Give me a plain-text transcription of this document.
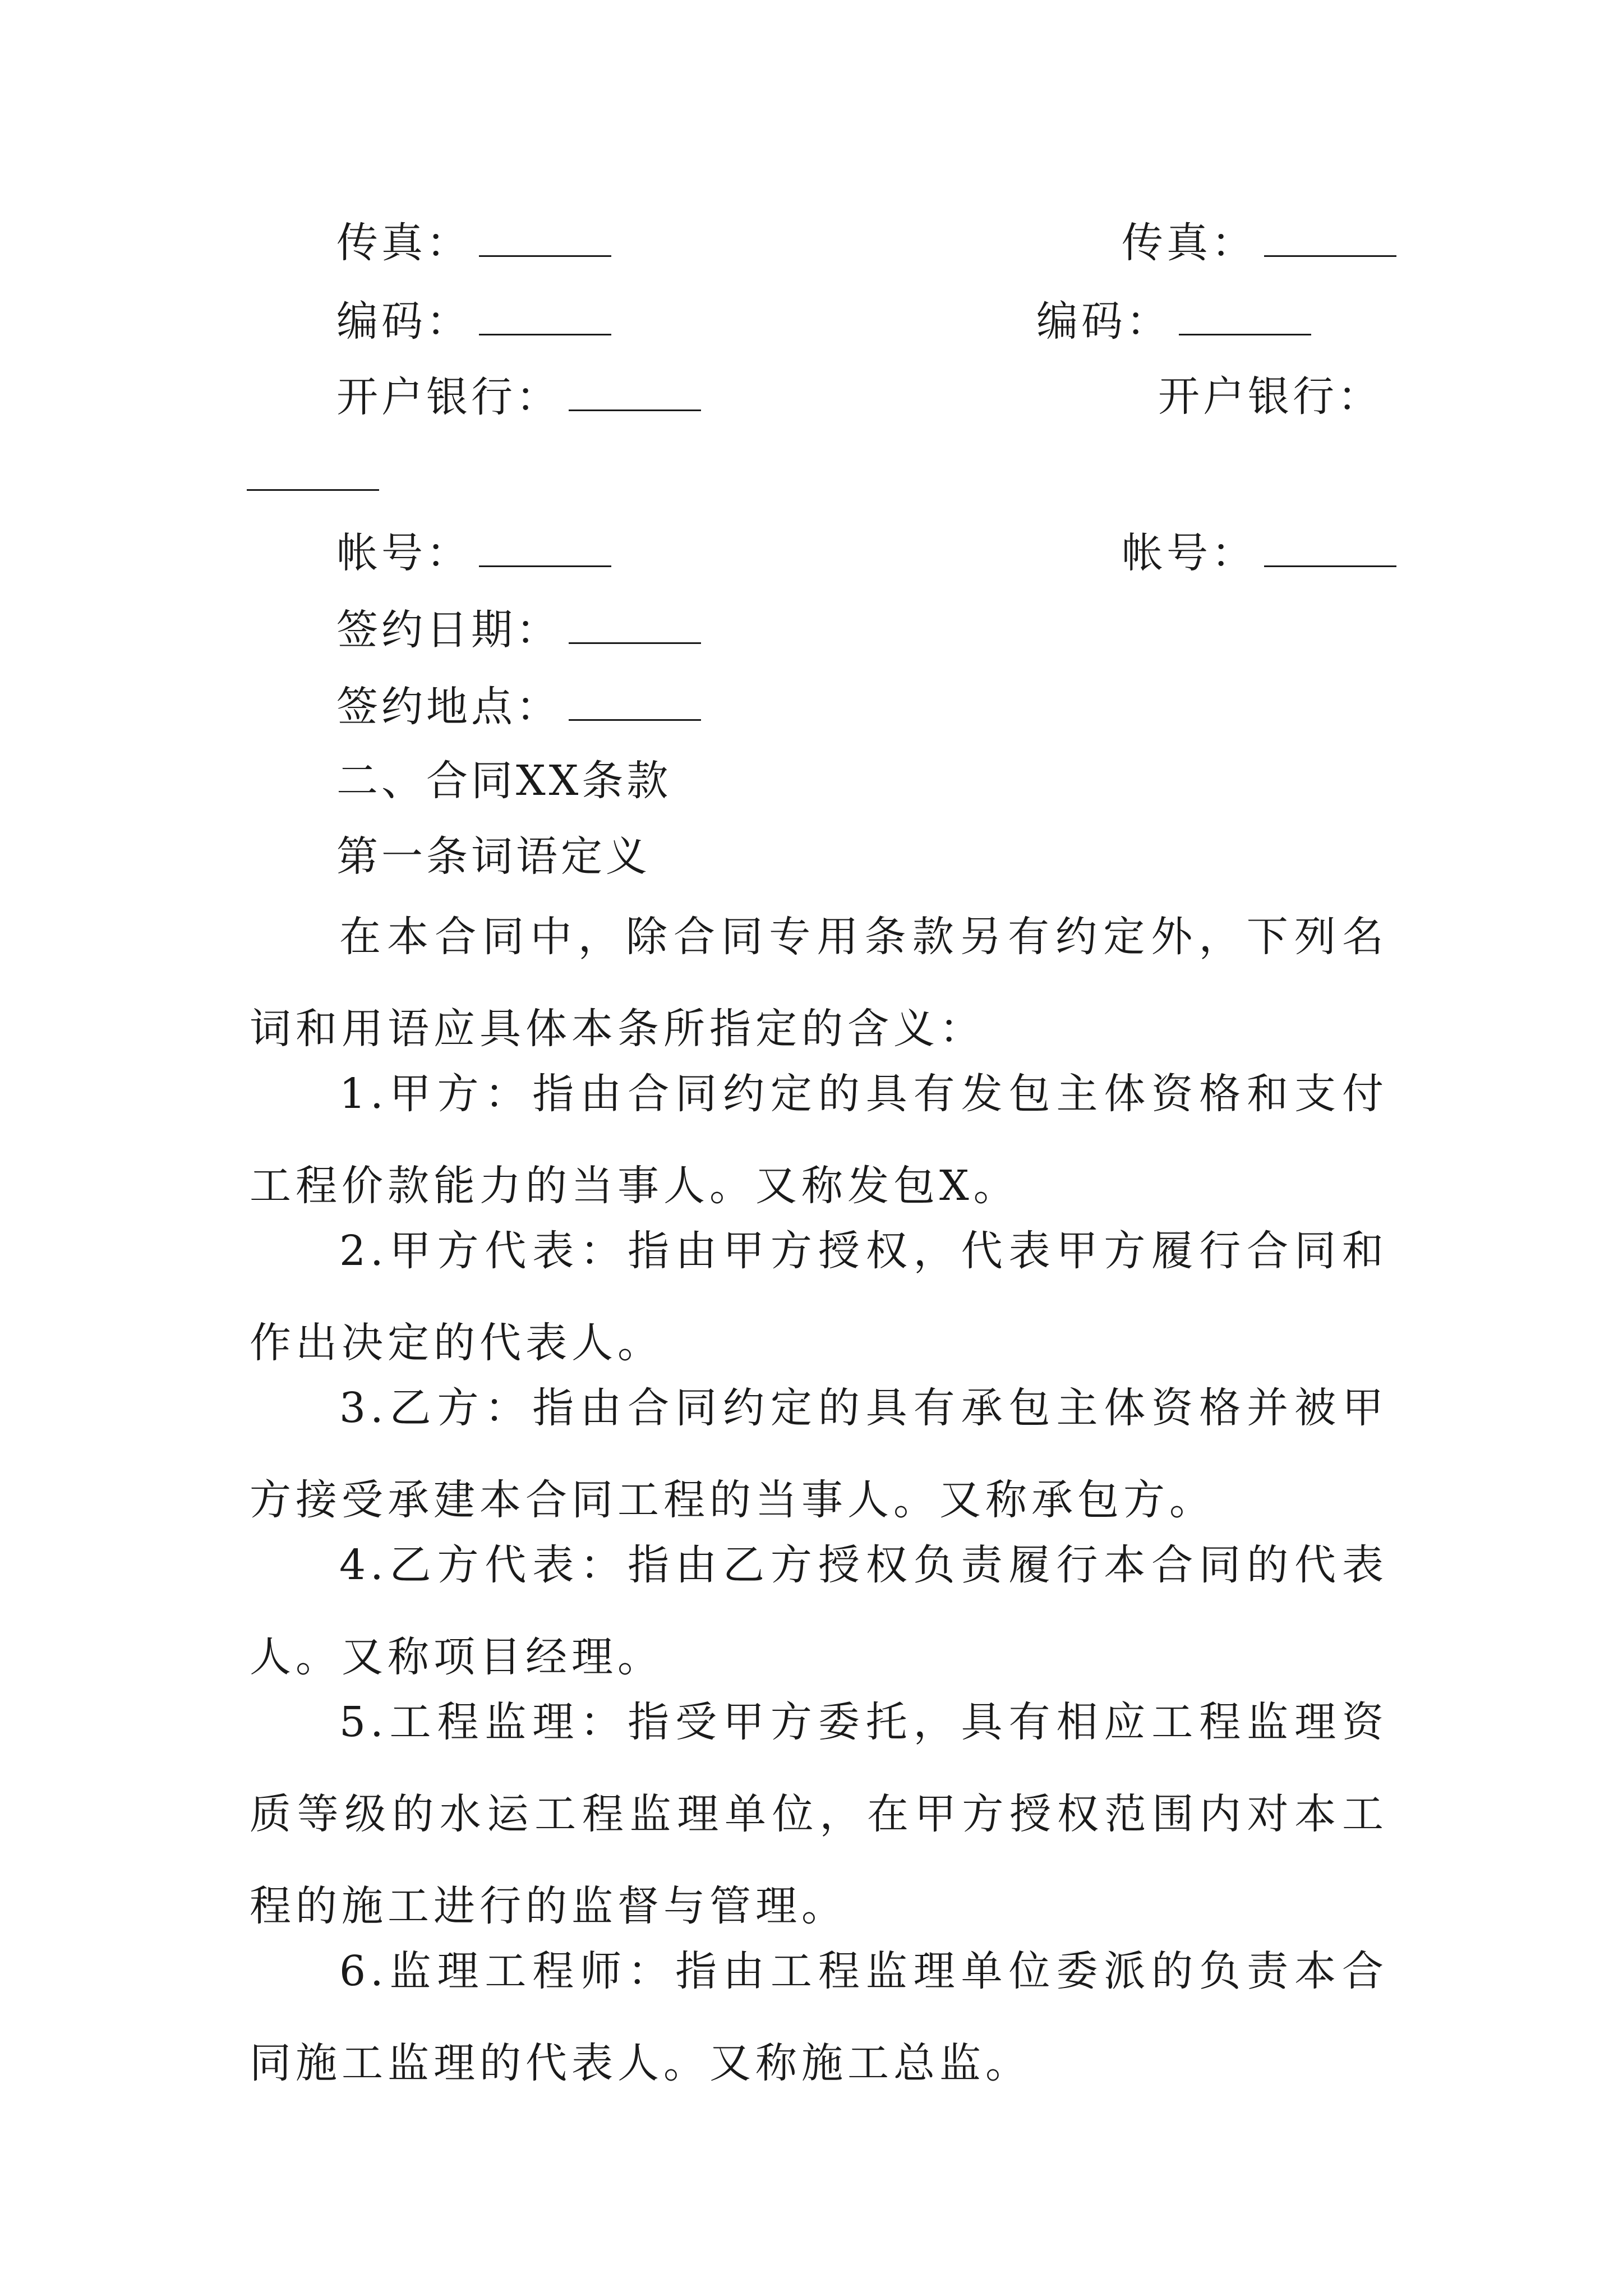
传真：	传真：
编码：	编码：
开户银行：	开户银行：
帐号：	帐号：
签约日期：
签约地点：
二、合同XX条款
第一条词语定义
在本合同中，除合同专用条款另有约定外，下列名词和用语应具体本条所指定的含义：
1.甲方：指由合同约定的具有发包主体资格和支付工程价款能力的当事人。又称发包X。
2.甲方代表：指由甲方授权，代表甲方履行合同和作出决定的代表人。
3.乙方：指由合同约定的具有承包主体资格并被甲方接受承建本合同工程的当事人。又称承包方。
4.乙方代表：指由乙方授权负责履行本合同的代表人。又称项目经理。
5.工程监理：指受甲方委托，具有相应工程监理资质等级的水运工程监理单位，在甲方授权范围内对本工程的施工进行的监督与管理。
6.监理工程师：指由工程监理单位委派的负责本合同施工监理的代表人。又称施工总监。
